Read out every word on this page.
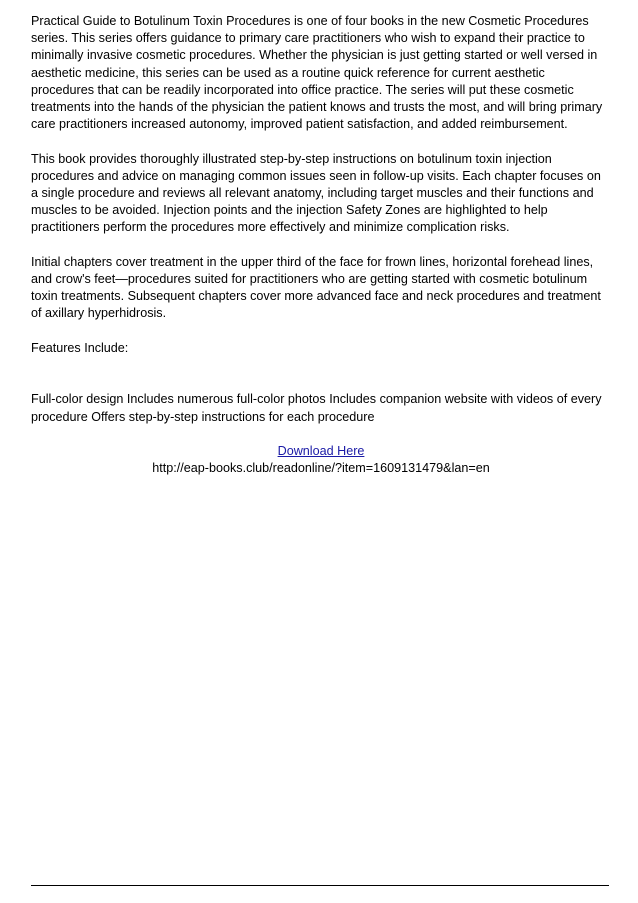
Practical Guide to Botulinum Toxin Procedures is one of four books in the new Cosmetic Procedures series. This series offers guidance to primary care practitioners who wish to expand their practice to minimally invasive cosmetic procedures. Whether the physician is just getting started or well versed in aesthetic medicine, this series can be used as a routine quick reference for current aesthetic procedures that can be readily incorporated into office practice. The series will put these cosmetic treatments into the hands of the physician the patient knows and trusts the most, and will bring primary care practitioners increased autonomy, improved patient satisfaction, and added reimbursement.

This book provides thoroughly illustrated step-by-step instructions on botulinum toxin injection procedures and advice on managing common issues seen in follow-up visits. Each chapter focuses on a single procedure and reviews all relevant anatomy, including target muscles and their functions and muscles to be avoided. Injection points and the injection Safety Zones are highlighted to help practitioners perform the procedures more effectively and minimize complication risks.

Initial chapters cover treatment in the upper third of the face for frown lines, horizontal forehead lines, and crow's feet—procedures suited for practitioners who are getting started with cosmetic botulinum toxin treatments. Subsequent chapters cover more advanced face and neck procedures and treatment of axillary hyperhidrosis.

Features Include:

Full-color design Includes numerous full-color photos Includes companion website with videos of every procedure Offers step-by-step instructions for each procedure

Download Here
http://eap-books.club/readonline/?item=1609131479&lan=en
